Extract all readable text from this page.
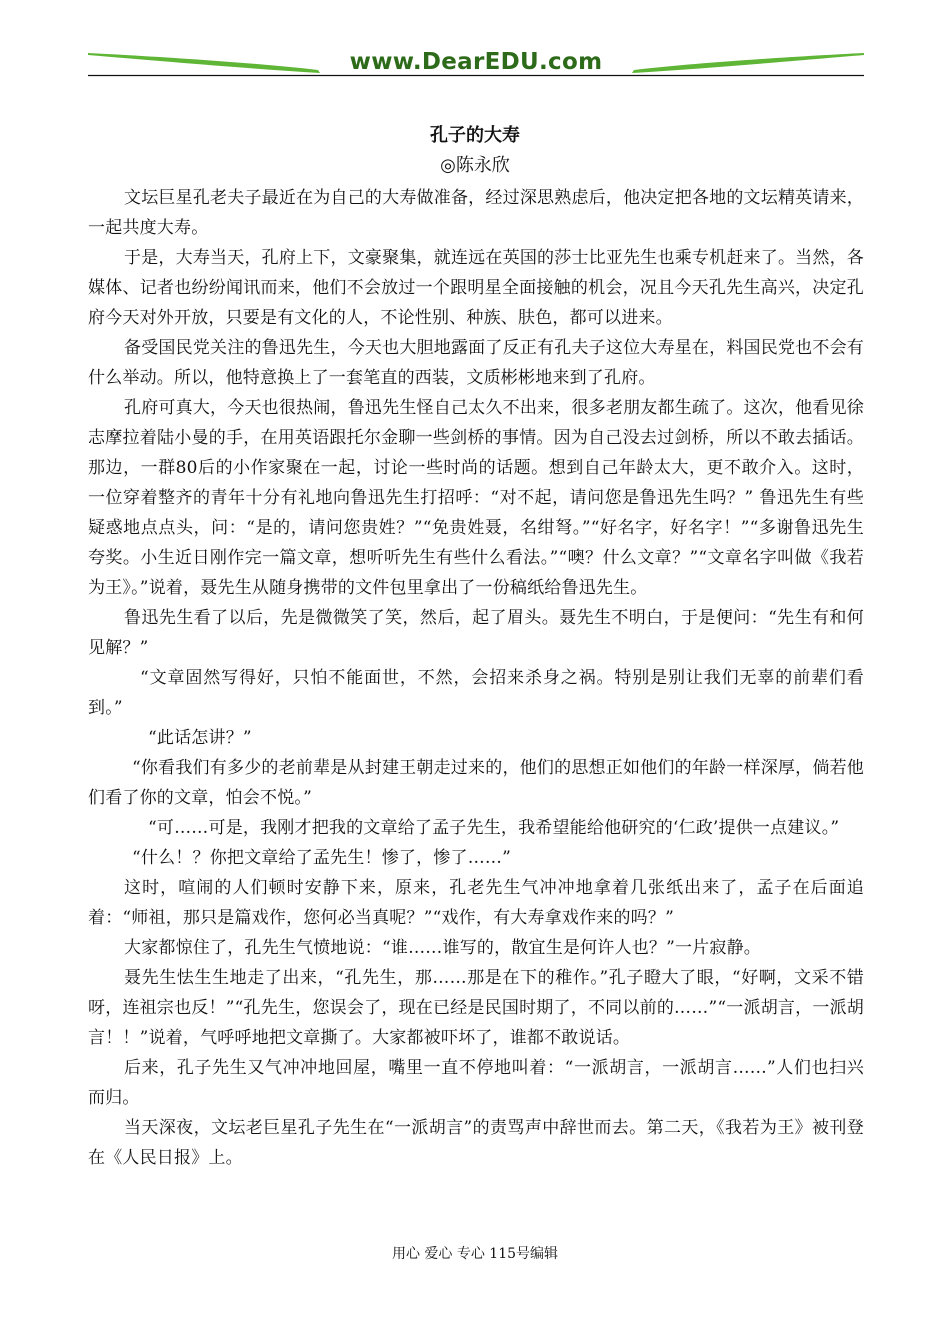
www.DearEDU.com
孔子的大寿
◎陈永欣

文坛巨星孔老夫子最近在为自己的大寿做准备，经过深思熟虑后，他决定把各地的文坛精英请来，一起共度大寿。

于是，大寿当天，孔府上下，文豪聚集，就连远在英国的莎士比亚先生也乘专机赶来了。当然，各媒体、记者也纷纷闻讯而来，他们不会放过一个跟明星全面接触的机会，况且今天孔先生高兴，决定孔府今天对外开放，只要是有文化的人，不论性别、种族、肤色，都可以进来。

备受国民党关注的鲁迅先生，今天也大胆地露面了反正有孔夫子这位大寿星在，料国民党也不会有什么举动。所以，他特意换上了一套笔直的西装，文质彬彬地来到了孔府。

孔府可真大，今天也很热闹，鲁迅先生怪自己太久不出来，很多老朋友都生疏了。这次，他看见徐志摩拉着陆小曼的手，在用英语跟托尔金聊一些剑桥的事情。因为自己没去过剑桥，所以不敢去插话。那边，一群80后的小作家聚在一起，讨论一些时尚的话题。想到自己年龄太大，更不敢介入。这时，一位穿着整齐的青年十分有礼地向鲁迅先生打招呼：“对不起，请问您是鲁迅先生吗？” 鲁迅先生有些疑惑地点点头，问：“是的，请问您贵姓？”“免贵姓聂，名绀弩。”“好名字，好名字！”“多谢鲁迅先生夸奖。小生近日刚作完一篇文章，想听听先生有些什么看法。”“噢？什么文章？”“文章名字叫做《我若为王》。”说着，聂先生从随身携带的文件包里拿出了一份稿纸给鲁迅先生。

鲁迅先生看了以后，先是微微笑了笑，然后，起了眉头。聂先生不明白，于是便问：“先生有和何见解？”

“文章固然写得好，只怕不能面世，不然，会招来杀身之祸。特别是别让我们无辜的前辈们看到。”

“此话怎讲？”

“你看我们有多少的老前辈是从封建王朝走过来的，他们的思想正如他们的年龄一样深厚，倘若他们看了你的文章，怕会不悦。”

“可……可是，我刚才把我的文章给了孟子先生，我希望能给他研究的‘仁政’提供一点建议。”

“什么！？你把文章给了孟先生！惨了，惨了……”

这时，喧闹的人们顿时安静下来，原来，孔老先生气冲冲地拿着几张纸出来了，孟子在后面追着：“师祖，那只是篇戏作，您何必当真呢？”“戏作，有大寿拿戏作来的吗？”

大家都惊住了，孔先生气愤地说：“谁……谁写的，散宜生是何许人也？”一片寂静。

聂先生怯生生地走了出来，“孔先生，那……那是在下的稚作。”孔子瞪大了眼，“好啊，文采不错呀，连祖宗也反！”“孔先生，您误会了，现在已经是民国时期了，不同以前的……”“一派胡言，一派胡言！！”说着，气呼呼地把文章撕了。大家都被吓坏了，谁都不敢说话。

后来，孔子先生又气冲冲地回屋，嘴里一直不停地叫着：“一派胡言，一派胡言……”人们也扫兴而归。

当天深夜，文坛老巨星孔子先生在“一派胡言”的责骂声中辞世而去。第二天，《我若为王》被刊登在《人民日报》上。

用心 爱心 专心 115号编辑
